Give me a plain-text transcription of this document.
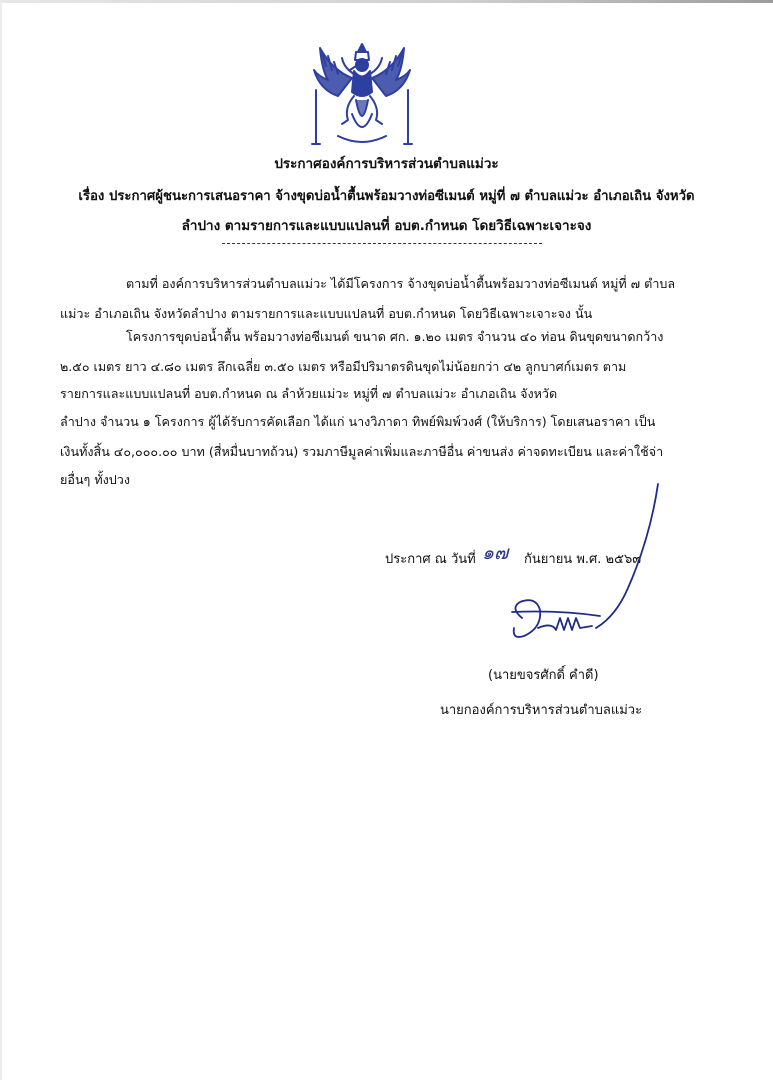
ประกาศองค์การบริหารส่วนตำบลแม่วะ
เรื่อง ประกาศผู้ชนะการเสนอราคา จ้างขุดบ่อน้ำตื้นพร้อมวางท่อซีเมนต์ หมู่ที่ ๗ ตำบลแม่วะ อำเภอเถิน จังหวัด
ลำปาง ตามรายการและแบบแปลนที่ อบต.กำหนด โดยวิธีเฉพาะเจาะจง
ตามที่ องค์การบริหารส่วนตำบลแม่วะ ได้มีโครงการ จ้างขุดบ่อน้ำตื้นพร้อมวางท่อซีเมนต์ หมู่ที่ ๗ ตำบล
แม่วะ อำเภอเถิน จังหวัดลำปาง ตามรายการและแบบแปลนที่ อบต.กำหนด โดยวิธีเฉพาะเจาะจง นั้น
โครงการขุดบ่อน้ำตื้น พร้อมวางท่อซีเมนต์ ขนาด ศก. ๑.๒๐ เมตร จำนวน ๔๐ ท่อน ดินขุดขนาดกว้าง
๒.๕๐ เมตร ยาว ๔.๘๐ เมตร ลึกเฉลี่ย ๓.๕๐ เมตร หรือมีปริมาตรดินขุดไม่น้อยกว่า ๔๒ ลูกบาศก์เมตร ตาม
รายการและแบบแปลนที่ อบต.กำหนด ณ ลำห้วยแม่วะ หมู่ที่ ๗ ตำบลแม่วะ อำเภอเถิน จังหวัด
ลำปาง จำนวน ๑ โครงการ ผู้ได้รับการคัดเลือก ได้แก่ นางวิภาดา ทิพย์พิมพ์วงศ์ (ให้บริการ) โดยเสนอราคา เป็น
เงินทั้งสิ้น ๔๐,๐๐๐.๐๐ บาท (สี่หมื่นบาทถ้วน) รวมภาษีมูลค่าเพิ่มและภาษีอื่น ค่าขนส่ง ค่าจดทะเบียน และค่าใช้จ่า
ยอื่นๆ ทั้งปวง
ประกาศ ณ วันที่	กันยายน พ.ศ. ๒๕๖๓
๑๗
(นายขจรศักดิ์ คำดี)
นายกองค์การบริหารส่วนตำบลแม่วะ
